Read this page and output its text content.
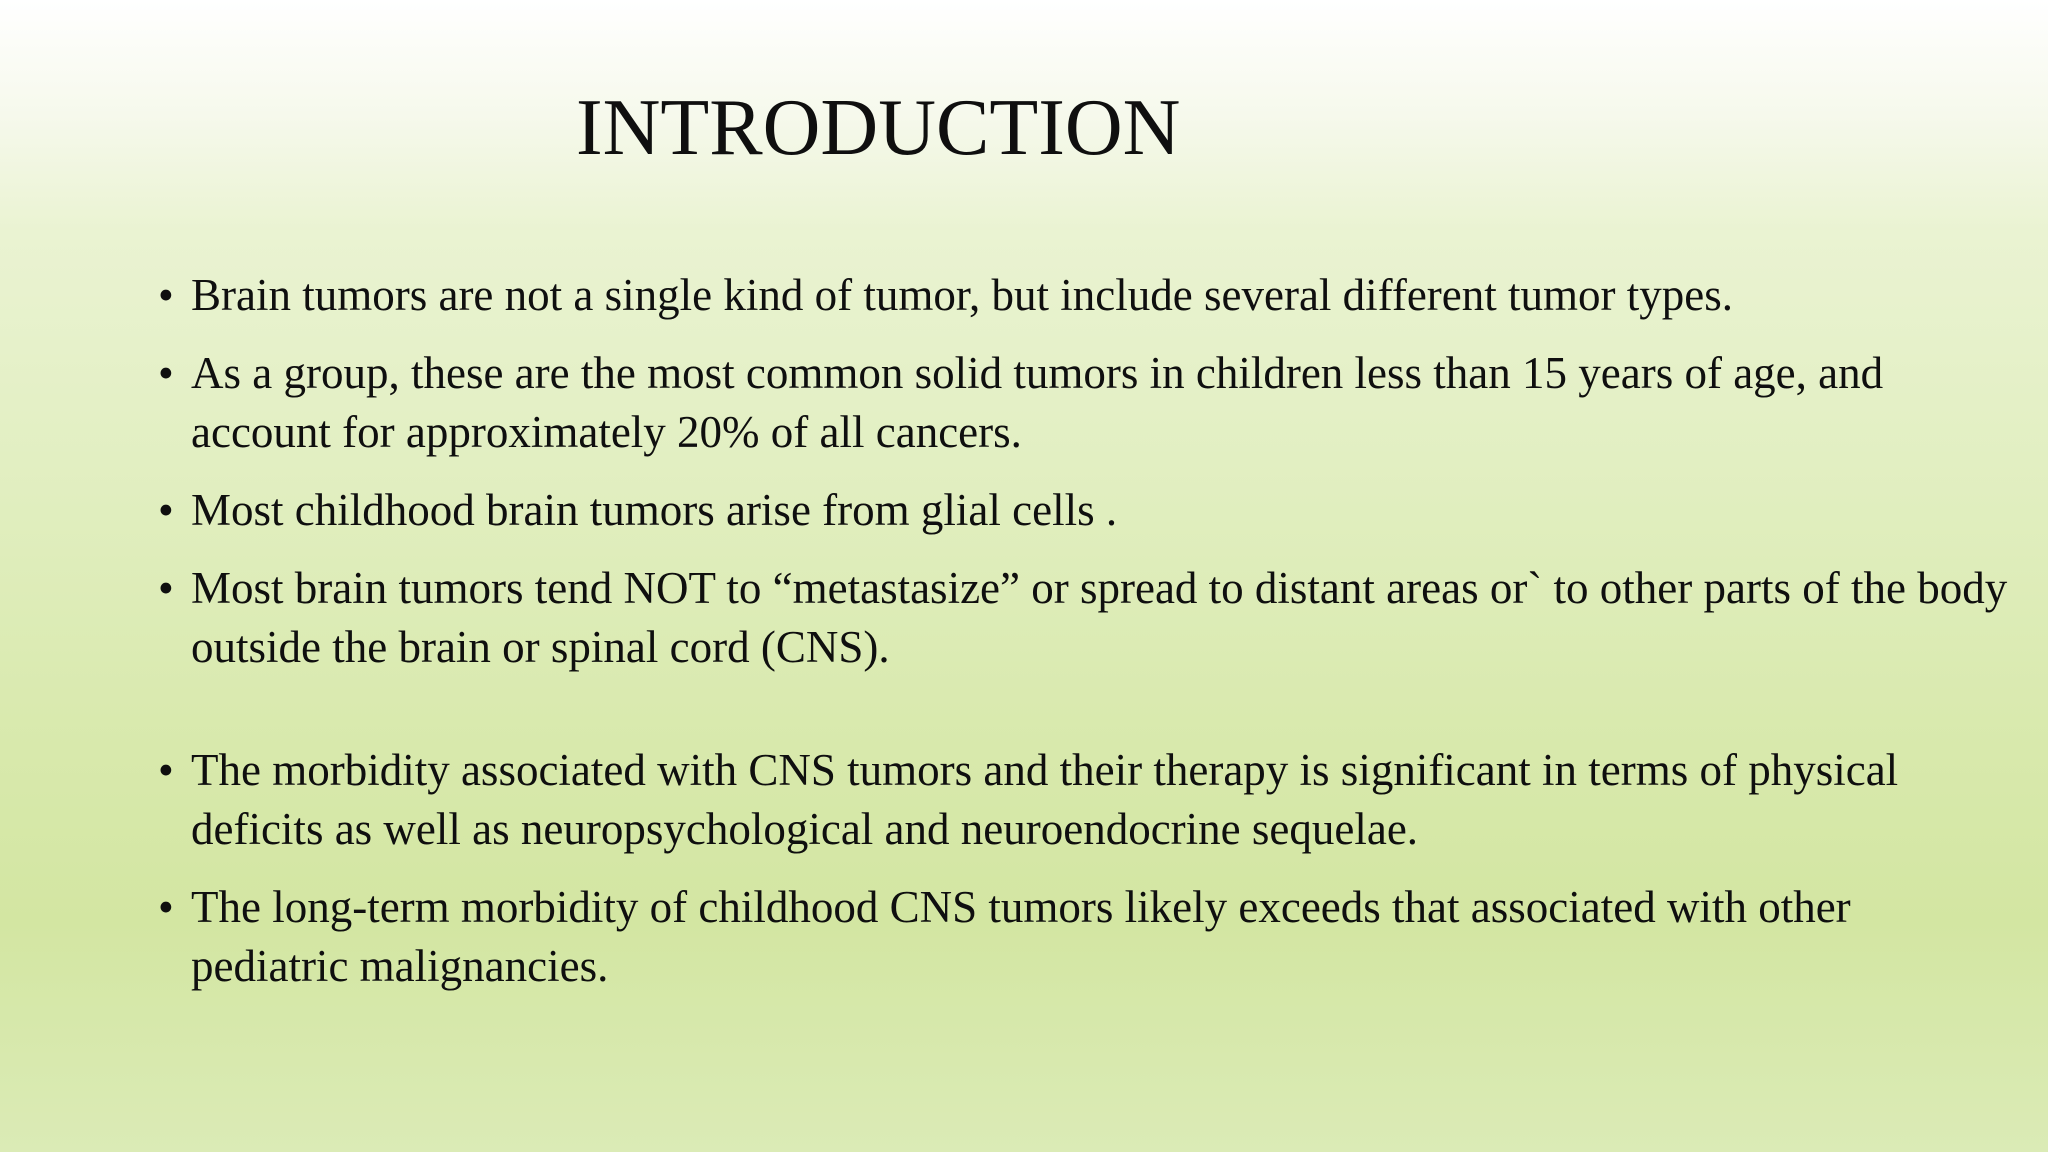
INTRODUCTION
• Brain tumors are not a single kind of tumor, but include several different tumor types.
• As a group, these are the most common solid tumors in children less than 15 years of age, and account for approximately 20% of all cancers.
• Most childhood brain tumors arise from glial cells .
• Most brain tumors tend NOT to “metastasize” or spread to distant areas or` to other parts of the body outside the brain or spinal cord (CNS).
• The morbidity associated with CNS tumors and their therapy is significant in terms of physical deficits as well as neuropsychological and neuroendocrine sequelae.
• The long-term morbidity of childhood CNS tumors likely exceeds that associated with other pediatric malignancies.
